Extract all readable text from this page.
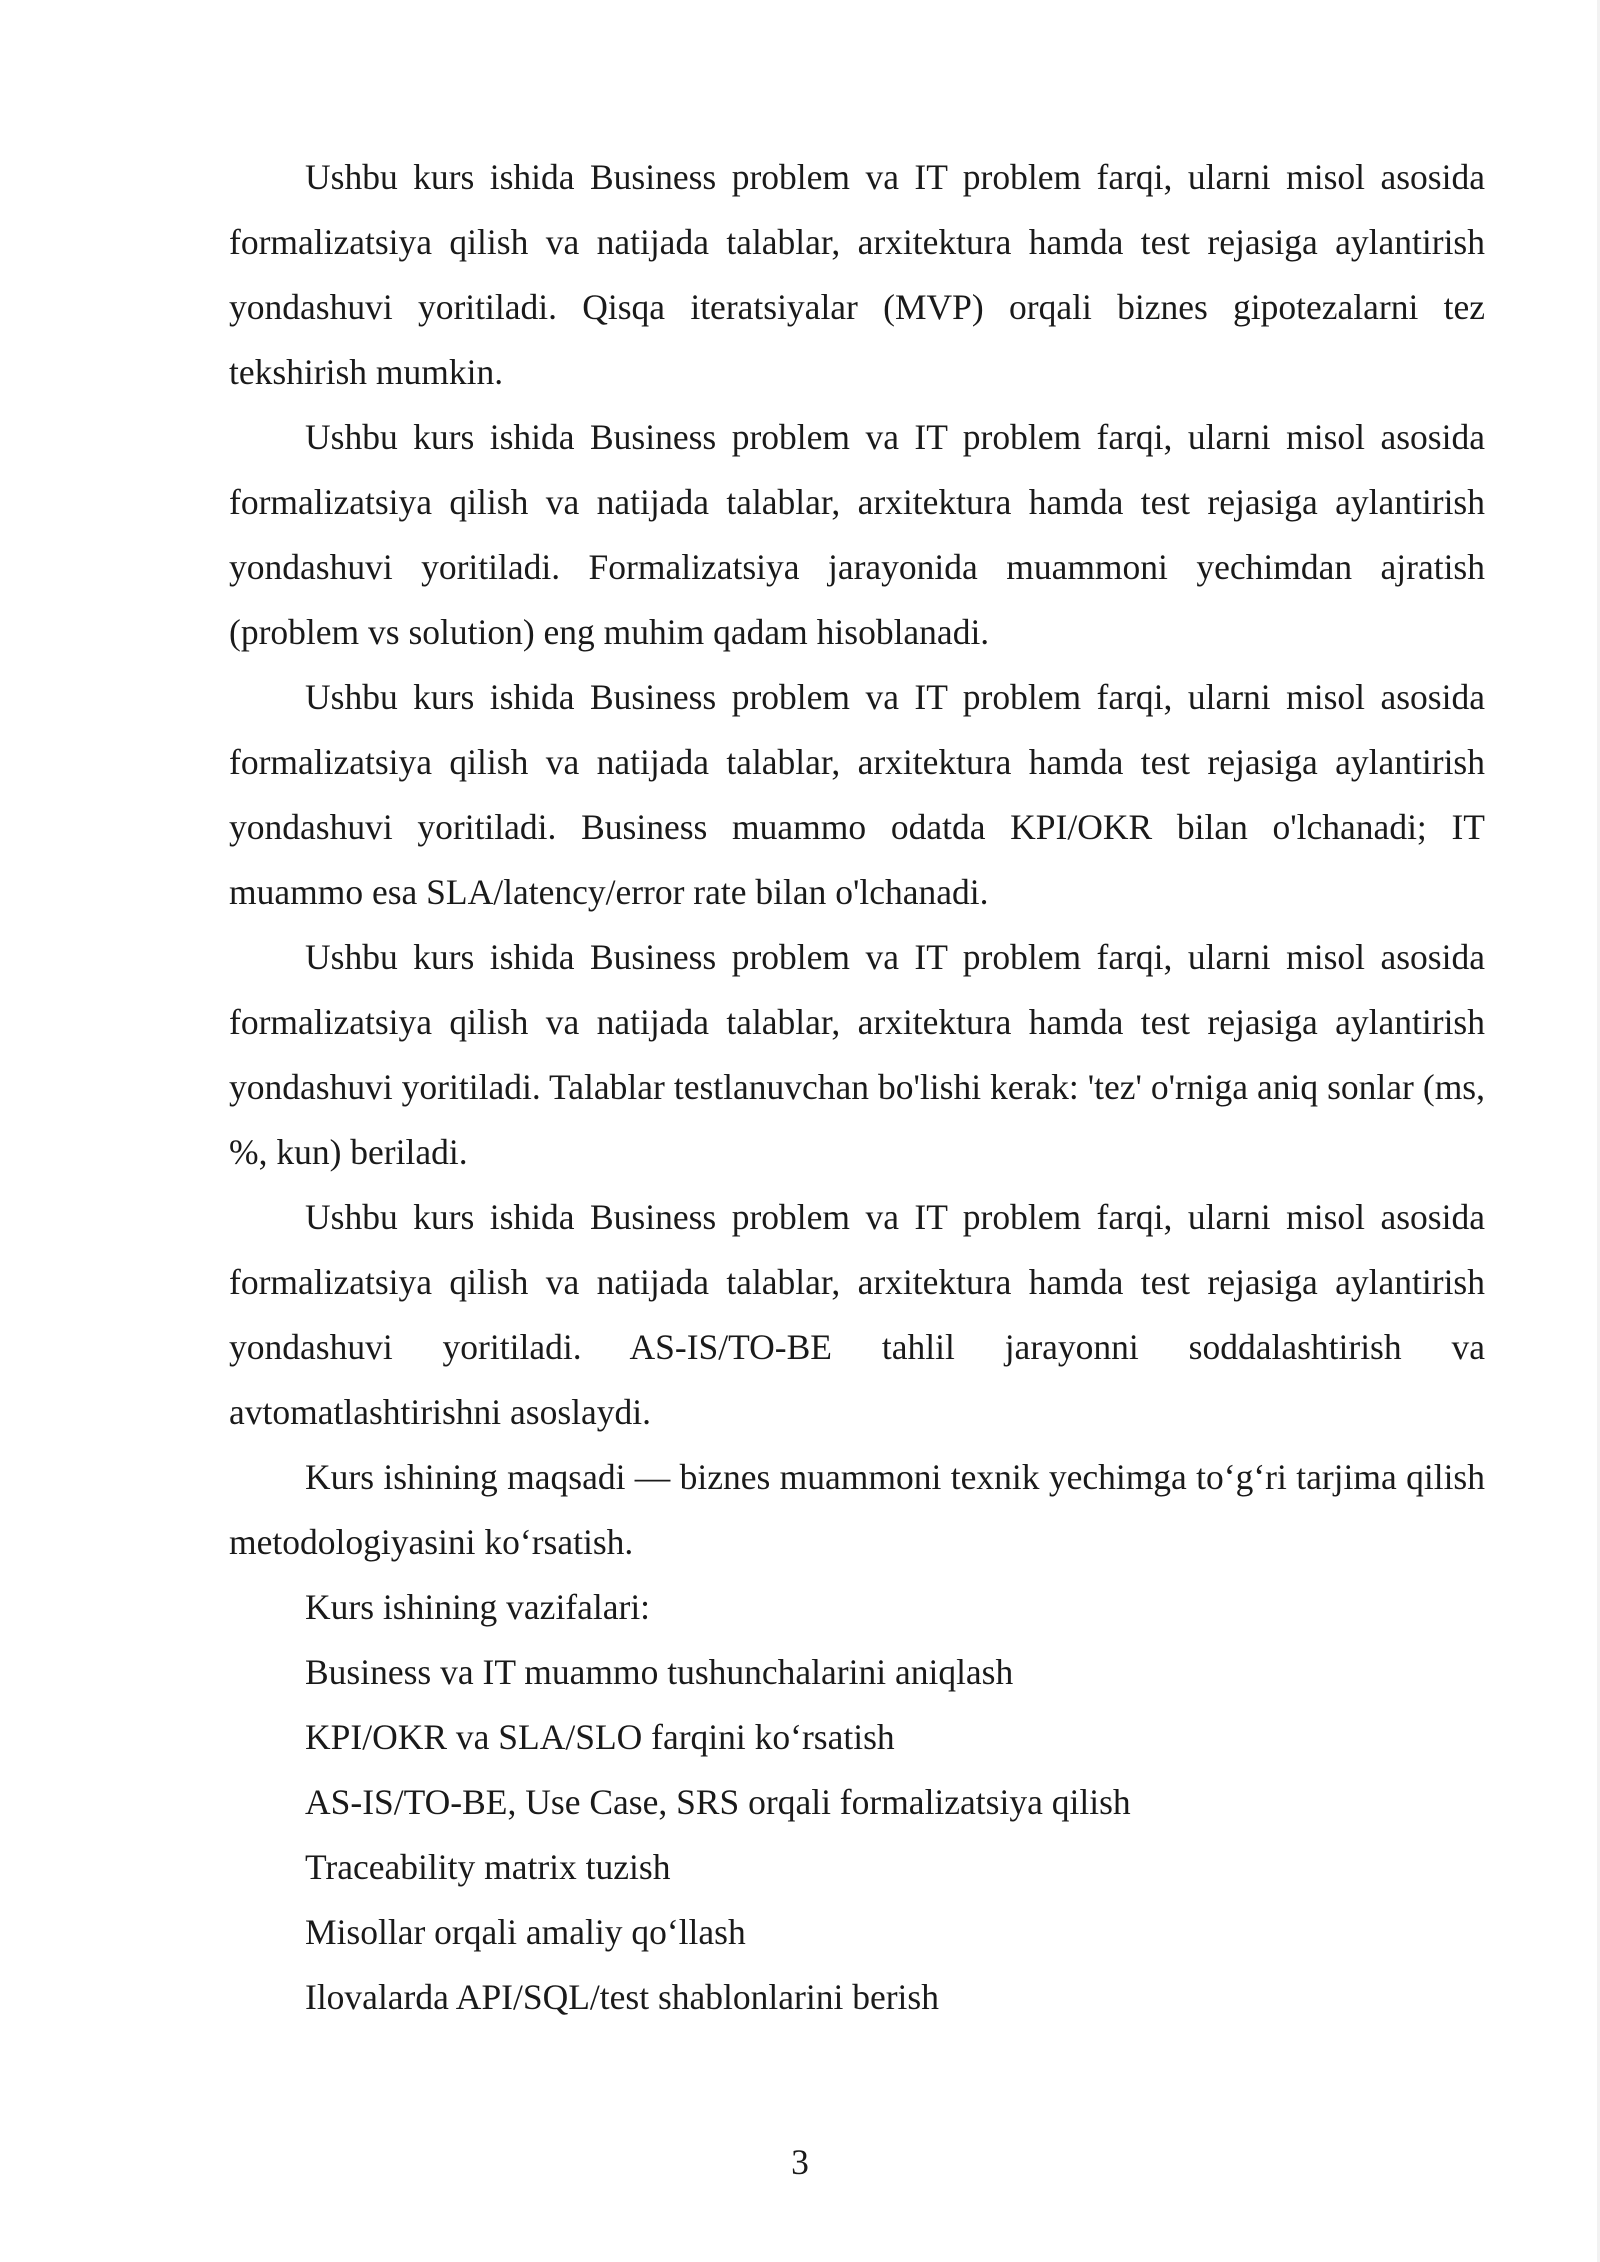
Ushbu kurs ishida Business problem va IT problem farqi, ularni misol asosida formalizatsiya qilish va natijada talablar, arxitektura hamda test rejasiga aylantirish yondashuvi yoritiladi. Qisqa iteratsiyalar (MVP) orqali biznes gipotezalarni tez tekshirish mumkin.

Ushbu kurs ishida Business problem va IT problem farqi, ularni misol asosida formalizatsiya qilish va natijada talablar, arxitektura hamda test rejasiga aylantirish yondashuvi yoritiladi. Formalizatsiya jarayonida muammoni yechimdan ajratish (problem vs solution) eng muhim qadam hisoblanadi.

Ushbu kurs ishida Business problem va IT problem farqi, ularni misol asosida formalizatsiya qilish va natijada talablar, arxitektura hamda test rejasiga aylantirish yondashuvi yoritiladi. Business muammo odatda KPI/OKR bilan o'lchanadi; IT muammo esa SLA/latency/error rate bilan o'lchanadi.

Ushbu kurs ishida Business problem va IT problem farqi, ularni misol asosida formalizatsiya qilish va natijada talablar, arxitektura hamda test rejasiga aylantirish yondashuvi yoritiladi. Talablar testlanuvchan bo'lishi kerak: 'tez' o'rniga aniq sonlar (ms, %, kun) beriladi.

Ushbu kurs ishida Business problem va IT problem farqi, ularni misol asosida formalizatsiya qilish va natijada talablar, arxitektura hamda test rejasiga aylantirish yondashuvi yoritiladi. AS-IS/TO-BE tahlil jarayonni soddalashtirish va avtomatlashtirishni asoslaydi.

Kurs ishining maqsadi — biznes muammoni texnik yechimga to‘g‘ri tarjima qilish metodologiyasini ko‘rsatish.

Kurs ishining vazifalari:

Business va IT muammo tushunchalarini aniqlash
KPI/OKR va SLA/SLO farqini ko‘rsatish
AS-IS/TO-BE, Use Case, SRS orqali formalizatsiya qilish
Traceability matrix tuzish
Misollar orqali amaliy qo‘llash
Ilovalarda API/SQL/test shablonlarini berish
3
